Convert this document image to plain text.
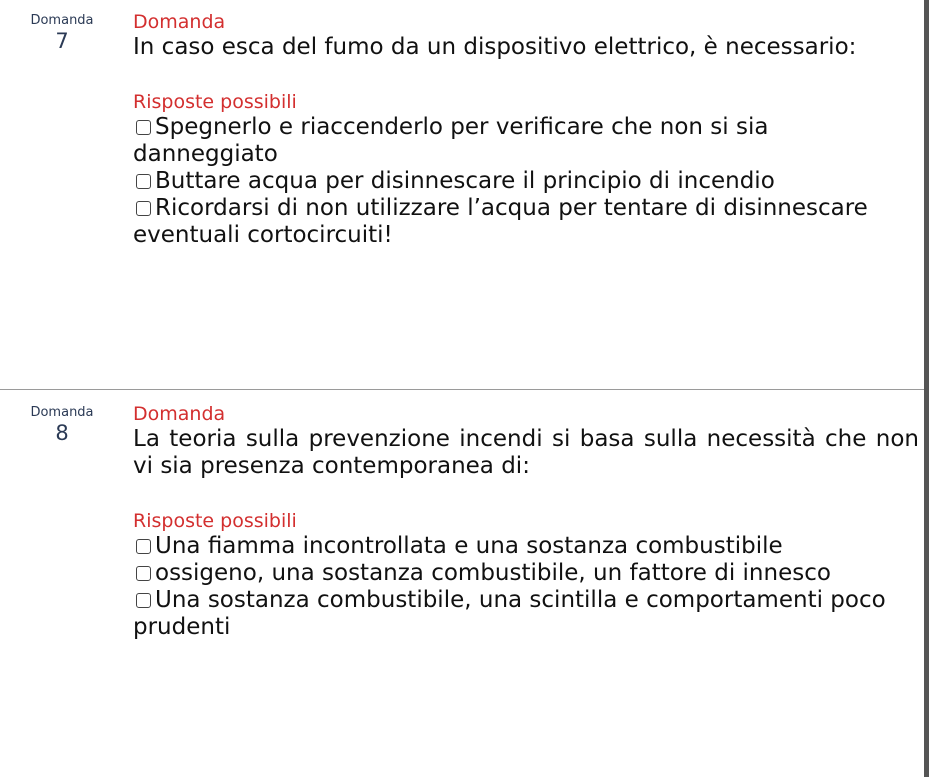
Domanda
7
Domanda

In caso esca del fumo da un dispositivo elettrico, è necessario:

Risposte possibili

Spegnerlo e riaccenderlo per verificare che non si sia danneggiato

Buttare acqua per disinnescare il principio di incendio

Ricordarsi di non utilizzare l’acqua per tentare di disinnescare eventuali cortocircuiti!

Domanda
8
Domanda

La teoria sulla prevenzione incendi si basa sulla necessità che non vi sia presenza contemporanea di:

Risposte possibili

Una fiamma incontrollata e una sostanza combustibile

ossigeno, una sostanza combustibile, un fattore di innesco

Una sostanza combustibile, una scintilla e comportamenti poco prudenti
